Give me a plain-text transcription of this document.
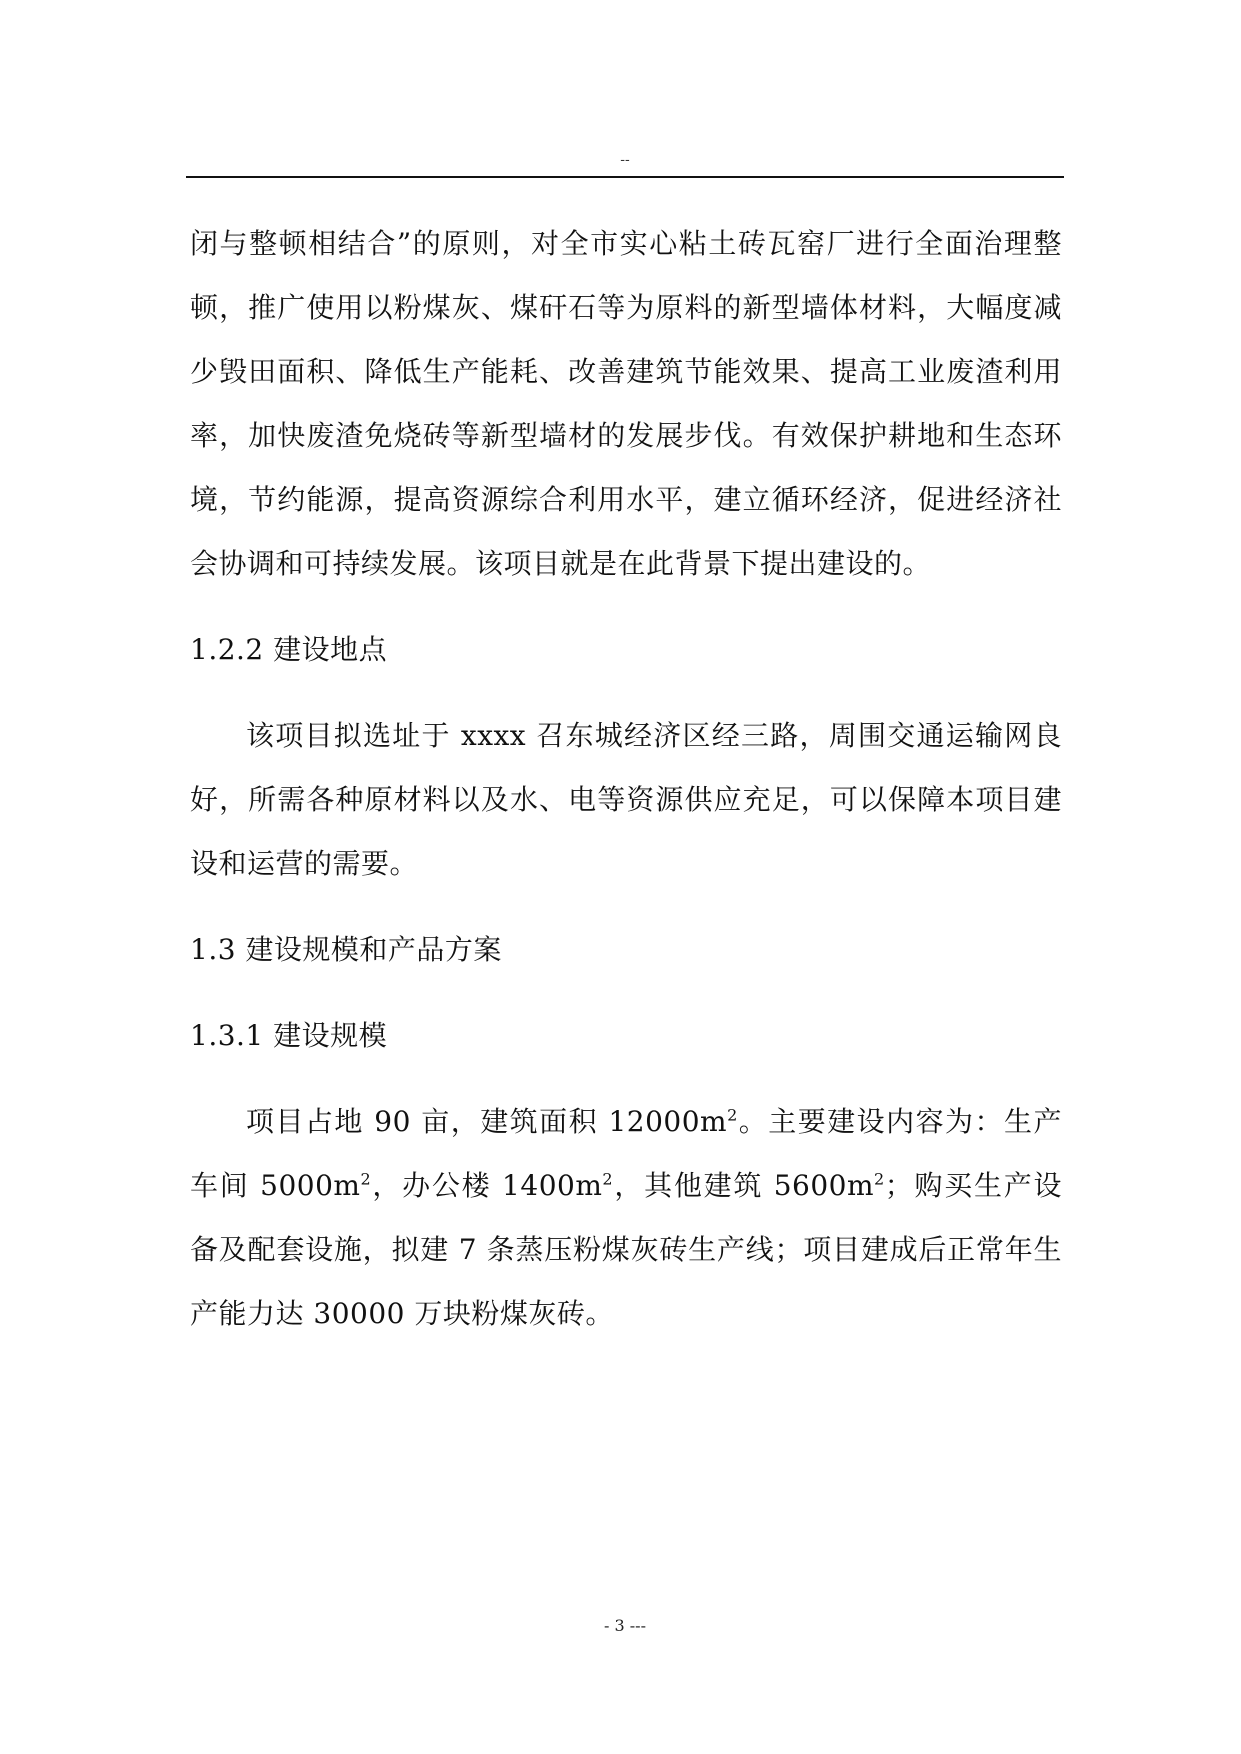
--

闭与整顿相结合”的原则，对全市实心粘土砖瓦窑厂进行全面治理整顿，推广使用以粉煤灰、煤矸石等为原料的新型墙体材料，大幅度减少毁田面积、降低生产能耗、改善建筑节能效果、提高工业废渣利用率，加快废渣免烧砖等新型墙材的发展步伐。有效保护耕地和生态环境，节约能源，提高资源综合利用水平，建立循环经济，促进经济社会协调和可持续发展。该项目就是在此背景下提出建设的。

1.2.2 建设地点

该项目拟选址于 xxxx 召东城经济区经三路，周围交通运输网良好，所需各种原材料以及水、电等资源供应充足，可以保障本项目建设和运营的需要。

1.3 建设规模和产品方案
1.3.1 建设规模

项目占地 90 亩，建筑面积 $12000m^2$。主要建设内容为：生产车间 $5000m^2$，办公楼 $1400m^2$，其他建筑 $5600m^2$；购买生产设备及配套设施，拟建 7 条蒸压粉煤灰砖生产线；项目建成后正常年生产能力达 30000 万块粉煤灰砖。

- 3 ---
